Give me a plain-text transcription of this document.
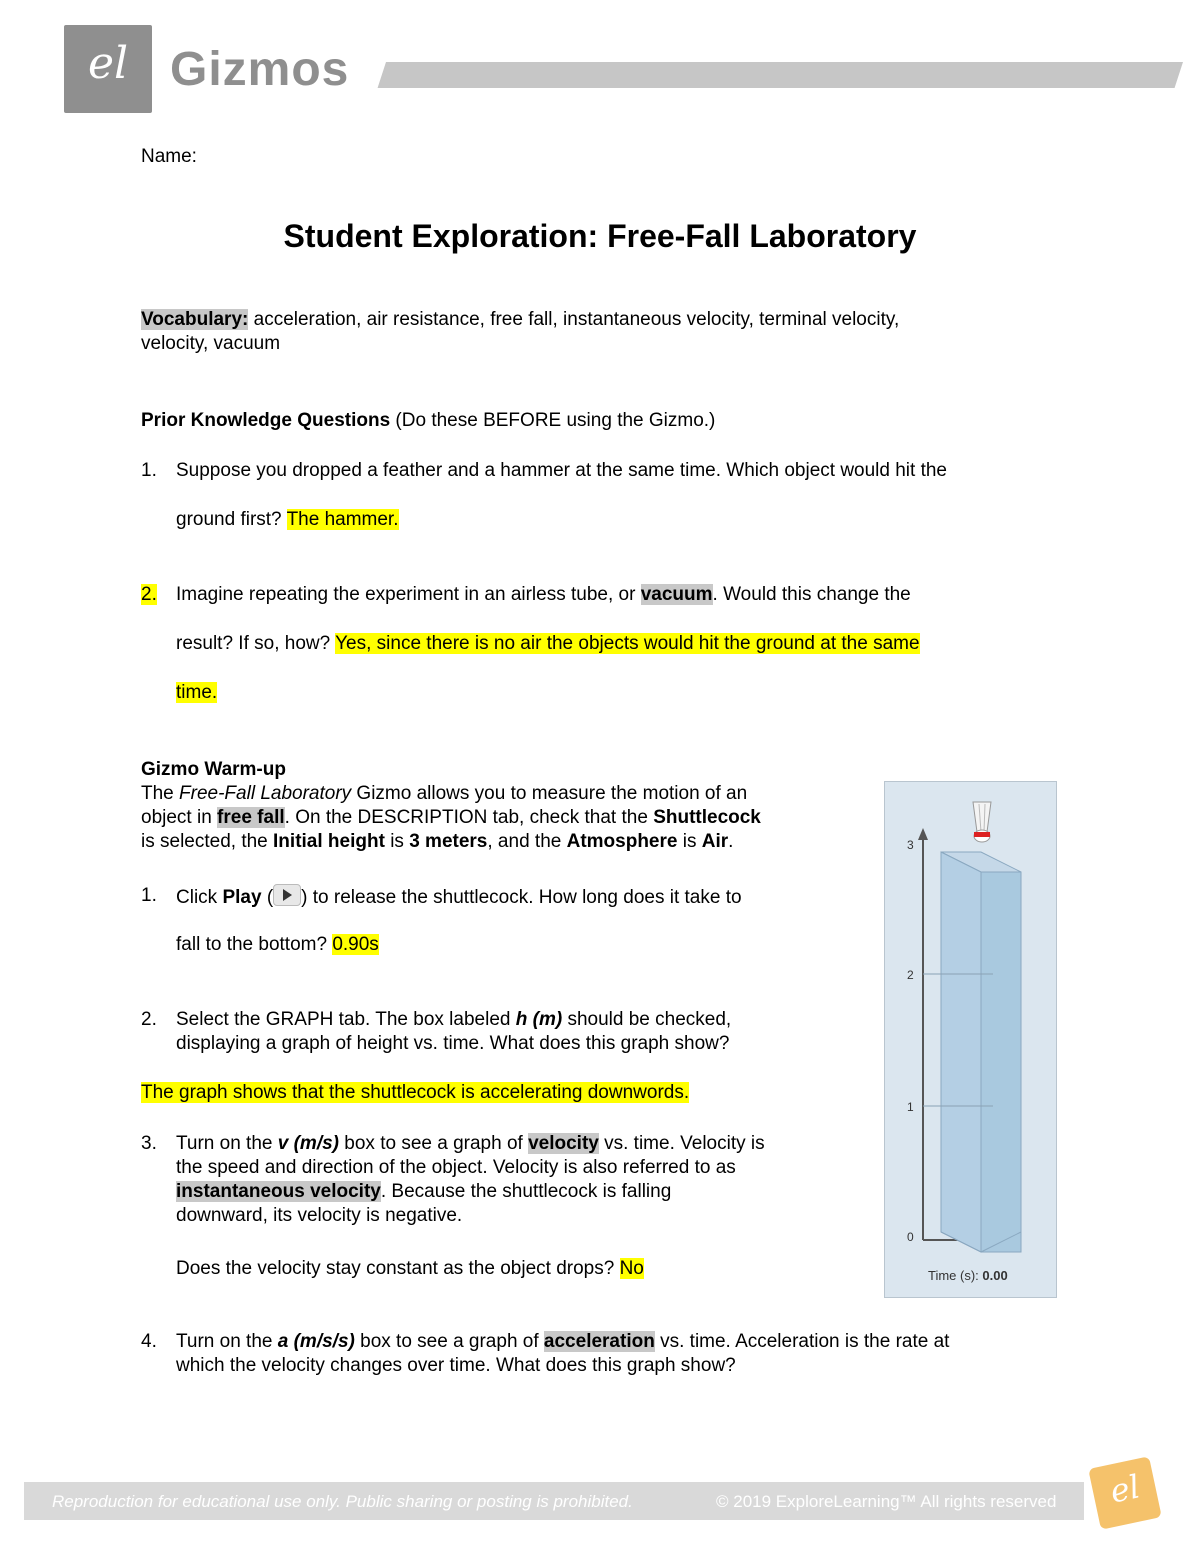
el Gizmos
Name:
Student Exploration: Free-Fall Laboratory
Vocabulary: acceleration, air resistance, free fall, instantaneous velocity, terminal velocity,
velocity, vacuum
Prior Knowledge Questions (Do these BEFORE using the Gizmo.)
1. Suppose you dropped a feather and a hammer at the same time. Which object would hit the
ground first? The hammer.
2. Imagine repeating the experiment in an airless tube, or vacuum. Would this change the
result? If so, how? Yes, since there is no air the objects would hit the ground at the same
time.
Gizmo Warm-up
The Free-Fall Laboratory Gizmo allows you to measure the motion of an
object in free fall. On the DESCRIPTION tab, check that the Shuttlecock
is selected, the Initial height is 3 meters, and the Atmosphere is Air.
1. Click Play ( ) to release the shuttlecock. How long does it take to
fall to the bottom? 0.90s
2. Select the GRAPH tab. The box labeled h (m) should be checked,
displaying a graph of height vs. time. What does this graph show?
The graph shows that the shuttlecock is accelerating downwords.
3. Turn on the v (m/s) box to see a graph of velocity vs. time. Velocity is
the speed and direction of the object. Velocity is also referred to as
instantaneous velocity. Because the shuttlecock is falling
downward, its velocity is negative.
Does the velocity stay constant as the object drops? No
4. Turn on the a (m/s/s) box to see a graph of acceleration vs. time. Acceleration is the rate at
which the velocity changes over time. What does this graph show?
3
2
1
0
Time (s): 0.00
Reproduction for educational use only. Public sharing or posting is prohibited.	© 2019 ExploreLearning™ All rights reserved	el
